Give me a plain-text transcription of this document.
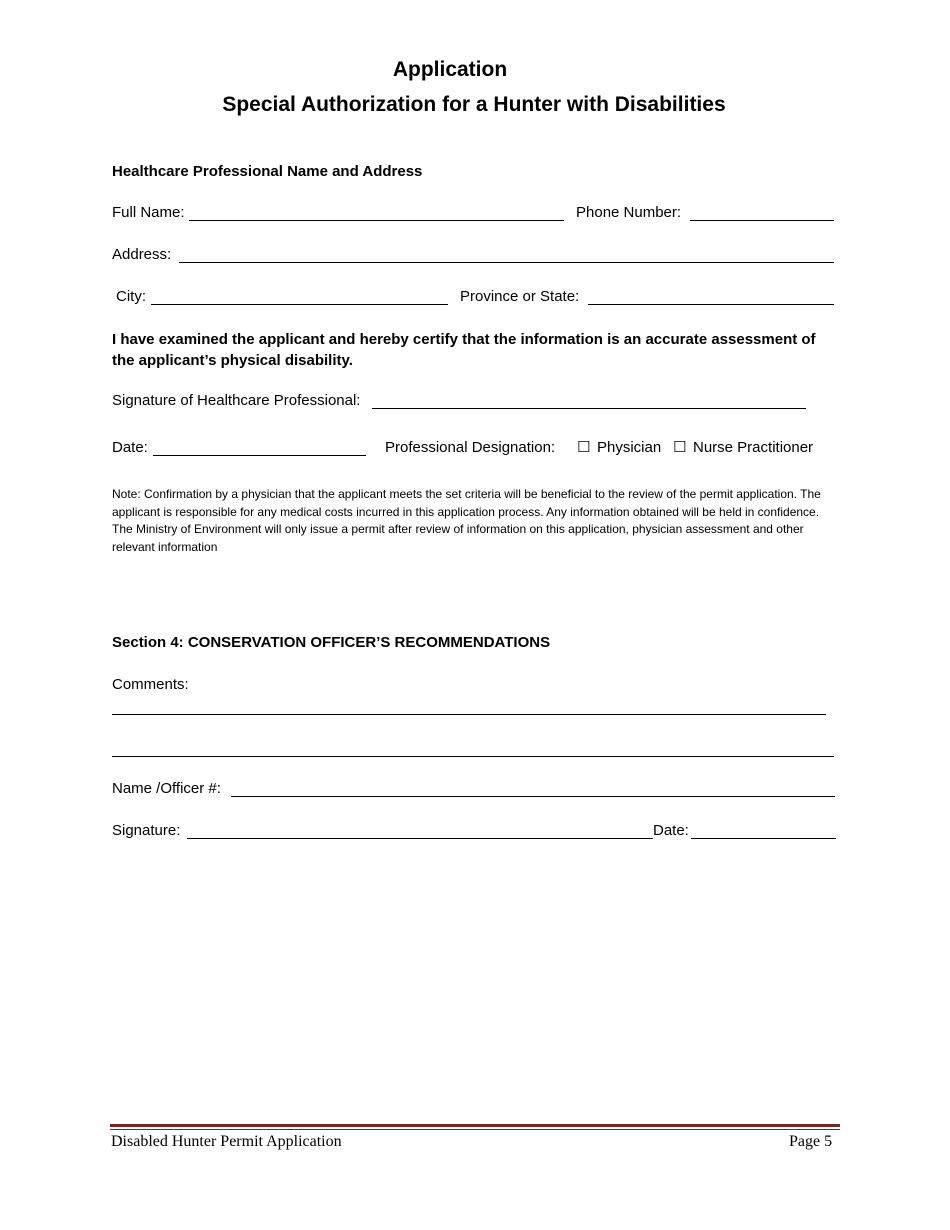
Application
Special Authorization for a Hunter with Disabilities
Healthcare Professional Name and Address
Full Name:	Phone Number:
Address:
City:	Province or State:
I have examined the applicant and hereby certify that the information is an accurate assessment of the applicant’s physical disability.
Signature of Healthcare Professional:
Date:	Professional Designation: ☐ Physician ☐ Nurse Practitioner
Note: Confirmation by a physician that the applicant meets the set criteria will be beneficial to the review of the permit application. The applicant is responsible for any medical costs incurred in this application process. Any information obtained will be held in confidence. The Ministry of Environment will only issue a permit after review of information on this application, physician assessment and other relevant information
Section 4: CONSERVATION OFFICER’S RECOMMENDATIONS
Comments:
Name /Officer #:
Signature:	Date:
Disabled Hunter Permit Application	Page 5
